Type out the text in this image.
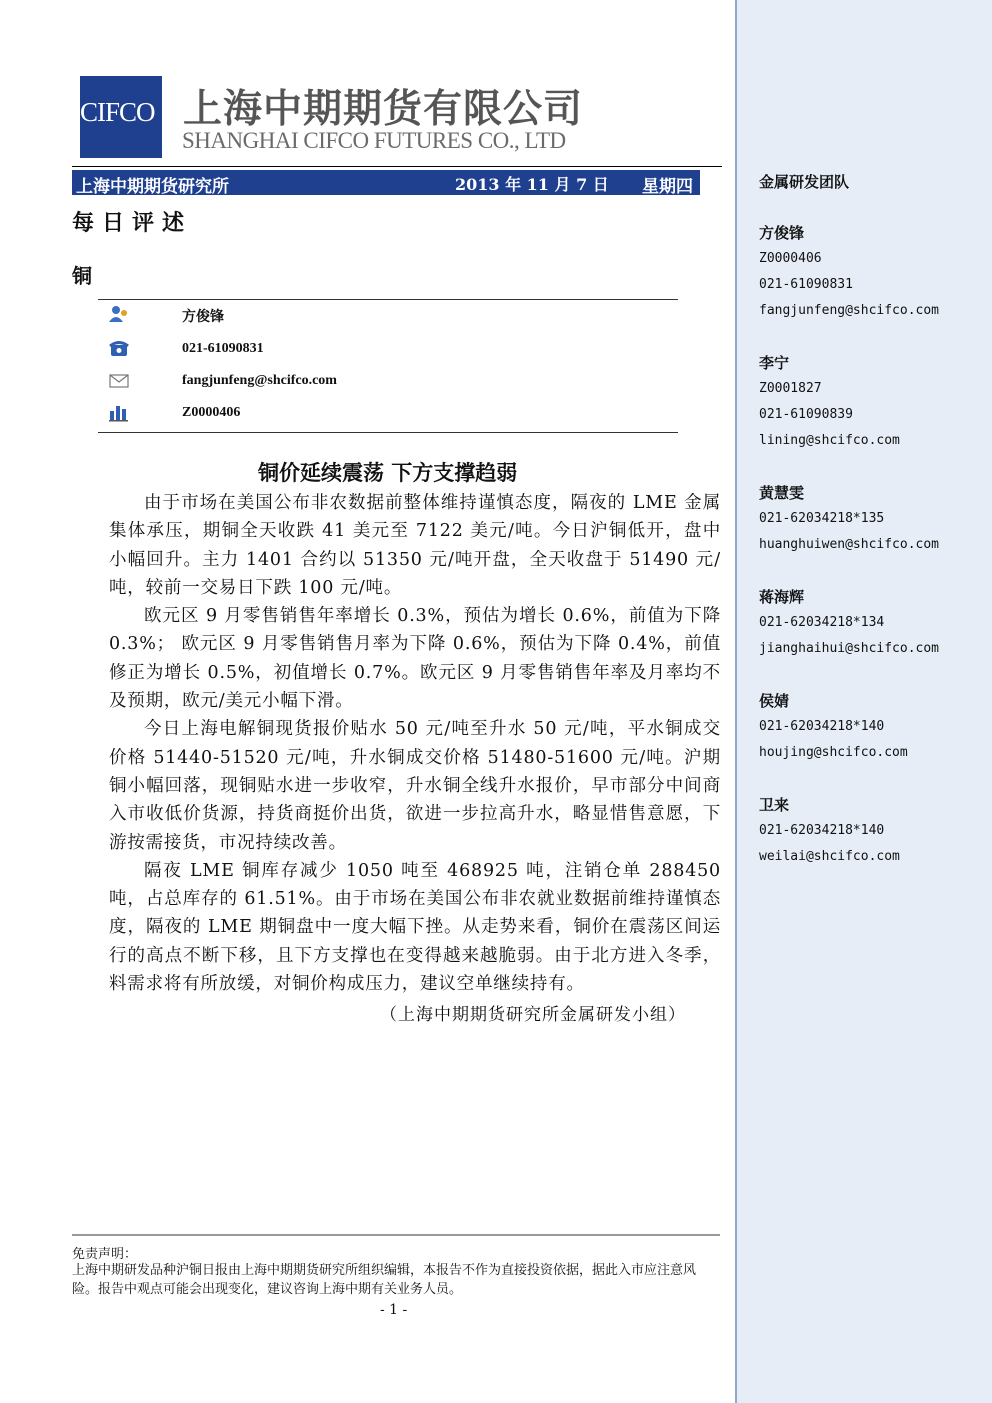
CIFCO 上海中期期货有限公司
SHANGHAI CIFCO FUTURES CO., LTD
上海中期期货研究所	2013 年 11 月 7 日 星期四
每日评述
铜
方俊锋
021-61090831
fangjunfeng@shcifco.com
Z0000406
铜价延续震荡 下方支撑趋弱

由于市场在美国公布非农数据前整体维持谨慎态度，隔夜的 LME 金属集体承压，期铜全天收跌 41 美元至 7122 美元/吨。今日沪铜低开，盘中小幅回升。主力 1401 合约以 51350 元/吨开盘，全天收盘于 51490 元/吨，较前一交易日下跌 100 元/吨。

欧元区 9 月零售销售年率增长 0.3%，预估为增长 0.6%，前值为下降 0.3%； 欧元区 9 月零售销售月率为下降 0.6%，预估为下降 0.4%，前值修正为增长 0.5%，初值增长 0.7%。欧元区 9 月零售销售年率及月率均不及预期，欧元/美元小幅下滑。

今日上海电解铜现货报价贴水 50 元/吨至升水 50 元/吨，平水铜成交价格 51440-51520 元/吨，升水铜成交价格 51480-51600 元/吨。沪期铜小幅回落，现铜贴水进一步收窄，升水铜全线升水报价，早市部分中间商入市收低价货源，持货商挺价出货，欲进一步拉高升水，略显惜售意愿，下游按需接货，市况持续改善。

隔夜 LME 铜库存减少 1050 吨至 468925 吨，注销仓单 288450 吨，占总库存的 61.51%。由于市场在美国公布非农就业数据前维持谨慎态度，隔夜的 LME 期铜盘中一度大幅下挫。从走势来看，铜价在震荡区间运行的高点不断下移，且下方支撑也在变得越来越脆弱。由于北方进入冬季，料需求将有所放缓，对铜价构成压力，建议空单继续持有。

（上海中期期货研究所金属研发小组）
免责声明：
上海中期研发品种沪铜日报由上海中期期货研究所组织编辑，本报告不作为直接投资依据，据此入市应注意风险。报告中观点可能会出现变化，建议咨询上海中期有关业务人员。
- 1 -
金属研发团队
方俊锋
Z0000406
021-61090831
fangjunfeng@shcifco.com
李宁
Z0001827
021-61090839
lining@shcifco.com
黄慧雯
021-62034218*135
huanghuiwen@shcifco.com
蒋海辉
021-62034218*134
jianghaihui@shcifco.com
侯婧
021-62034218*140
houjing@shcifco.com
卫来
021-62034218*140
weilai@shcifco.com
